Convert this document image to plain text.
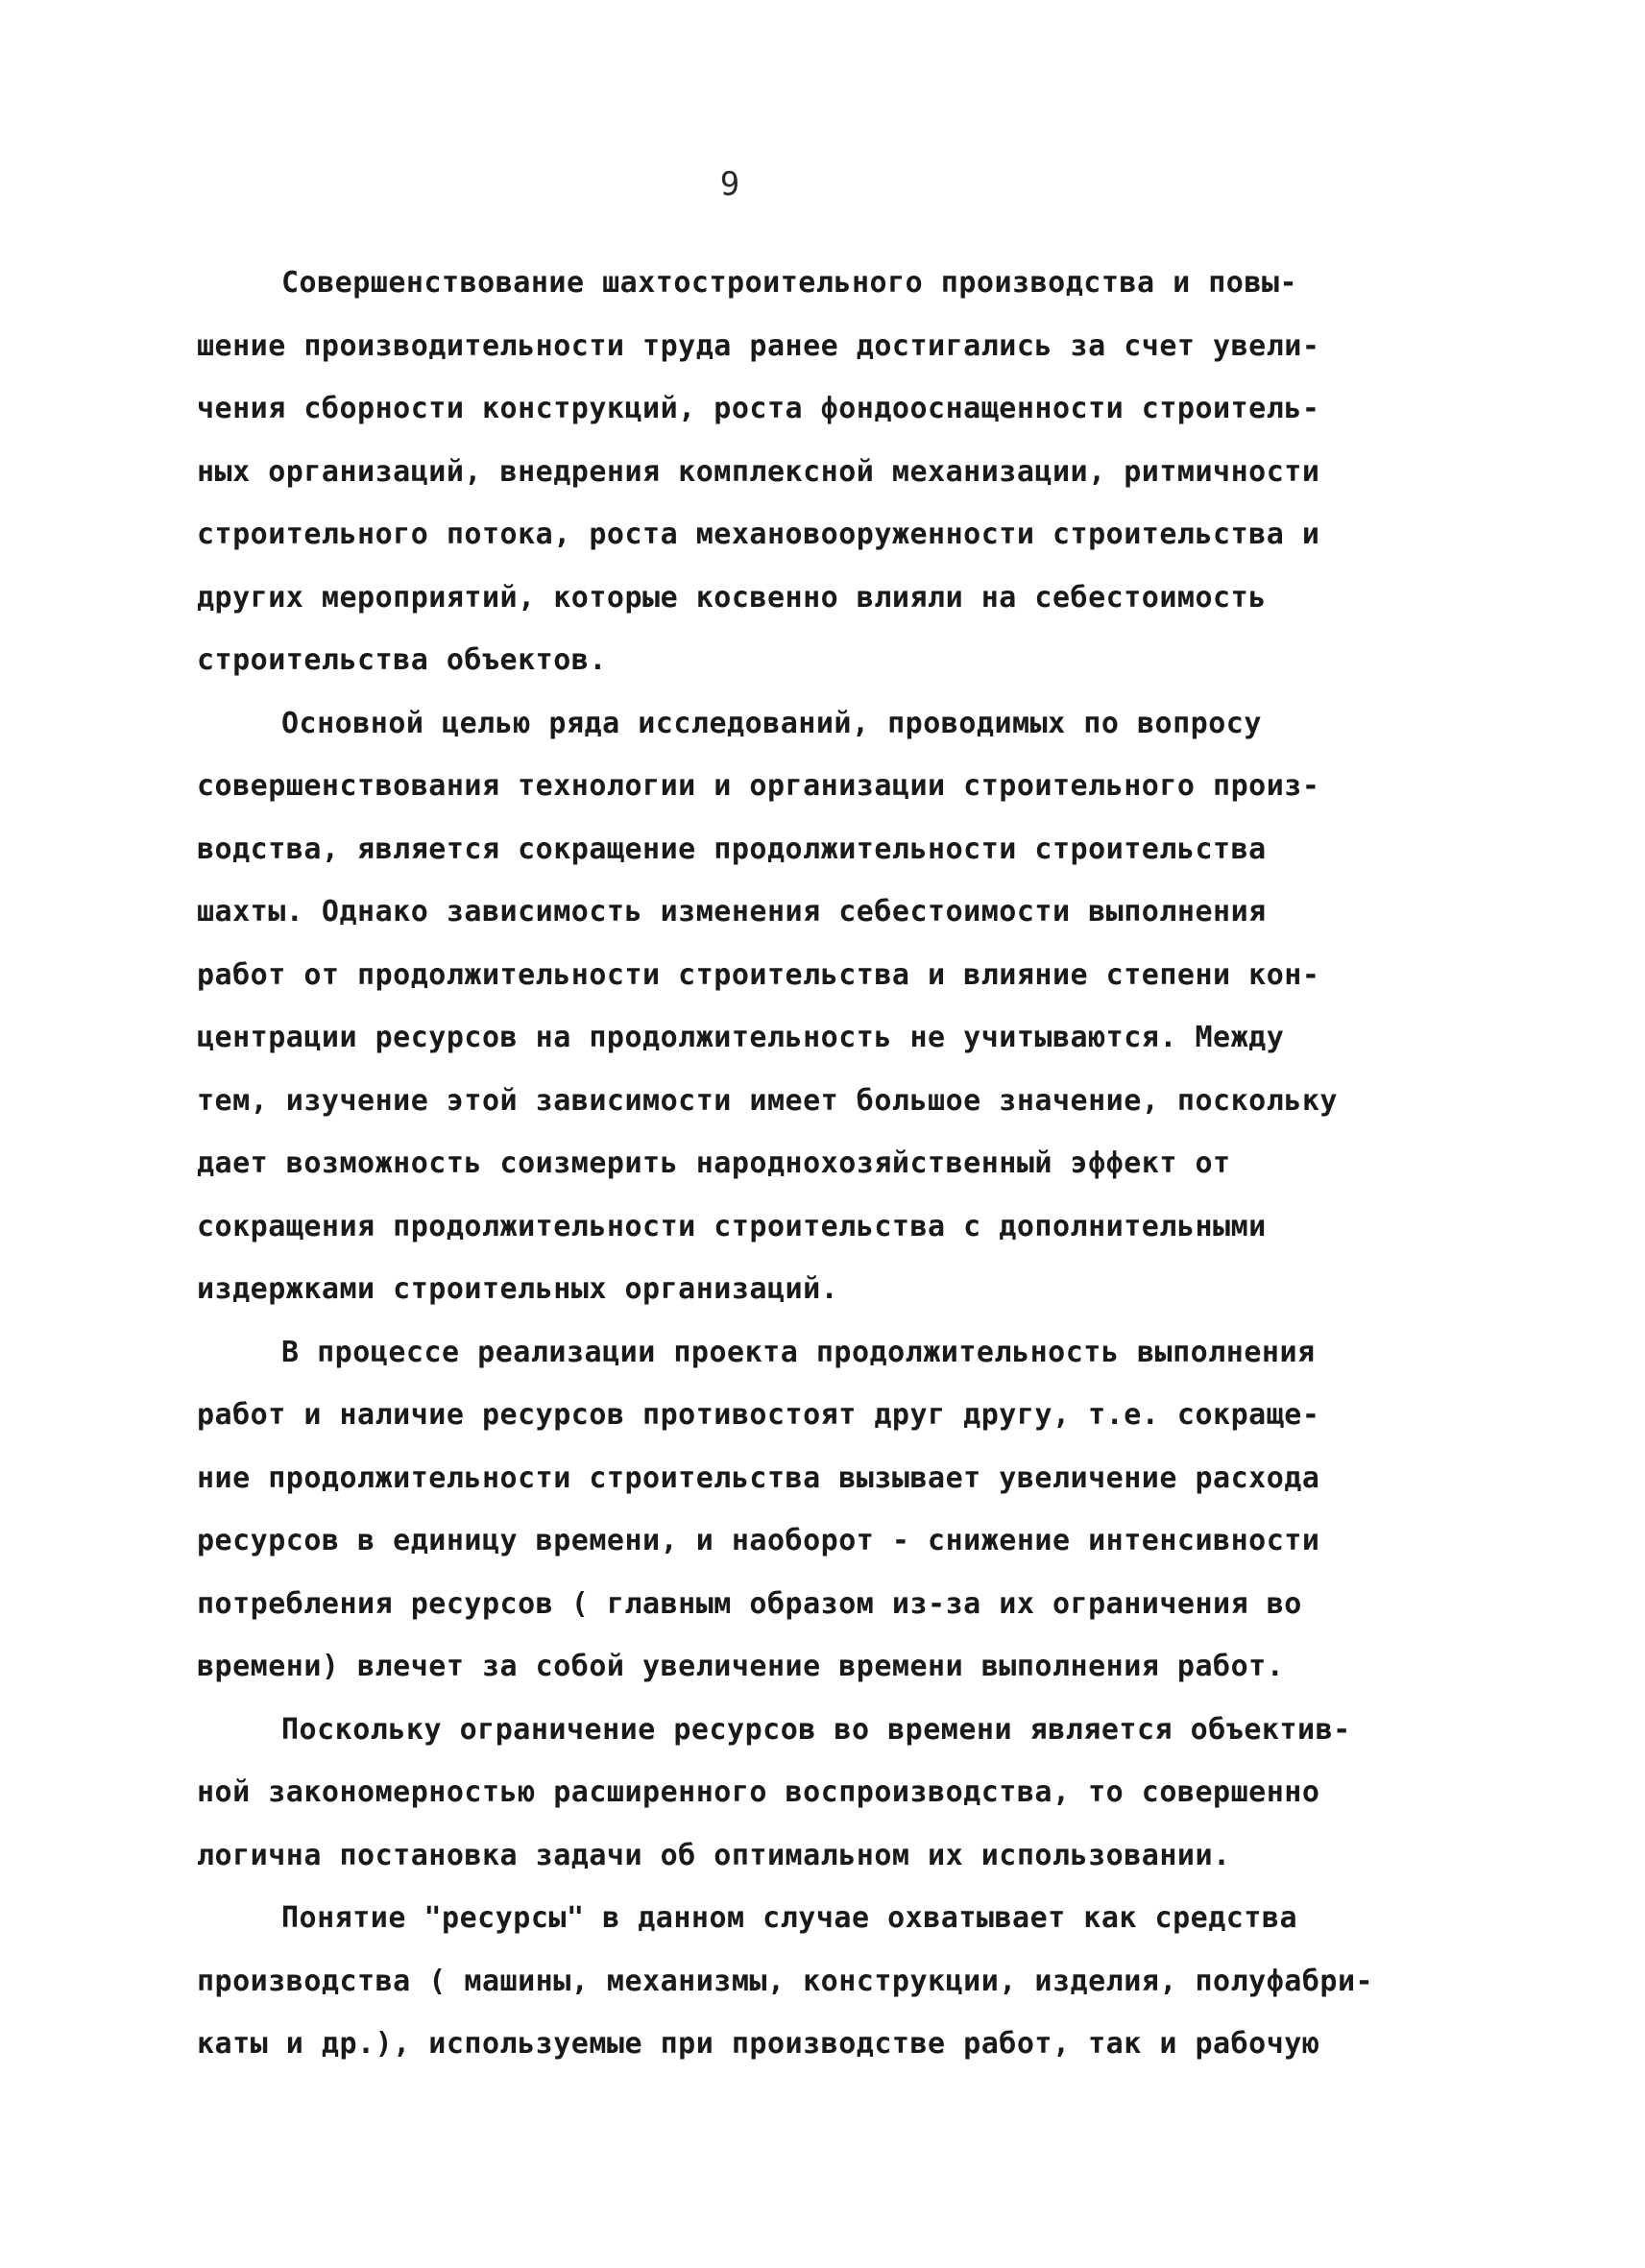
9
Совершенствование шахтостроительного производства и повы-
шение производительности труда ранее достигались за счет увели-
чения сборности конструкций, роста фондооснащенности строитель-
ных организаций, внедрения комплексной механизации, ритмичности
строительного потока, роста механовооруженности строительства и
других мероприятий, которые косвенно влияли на себестоимость
строительства объектов.
Основной целью ряда исследований, проводимых по вопросу
совершенствования технологии и организации строительного произ-
водства, является сокращение продолжительности строительства
шахты. Однако зависимость изменения себестоимости выполнения
работ от продолжительности строительства и влияние степени кон-
центрации ресурсов на продолжительность не учитываются. Между
тем, изучение этой зависимости имеет большое значение, поскольку
дает возможность соизмерить народнохозяйственный эффект от
сокращения продолжительности строительства с дополнительными
издержками строительных организаций.
В процессе реализации проекта продолжительность выполнения
работ и наличие ресурсов противостоят друг другу, т.е. сокраще-
ние продолжительности строительства вызывает увеличение расхода
ресурсов в единицу времени, и наоборот - снижение интенсивности
потребления ресурсов ( главным образом из-за их ограничения во
времени) влечет за собой увеличение времени выполнения работ.
Поскольку ограничение ресурсов во времени является объектив-
ной закономерностью расширенного воспроизводства, то совершенно
логична постановка задачи об оптимальном их использовании.
Понятие "ресурсы" в данном случае охватывает как средства
производства ( машины, механизмы, конструкции, изделия, полуфабри-
каты и др.), используемые при производстве работ, так и рабочую
